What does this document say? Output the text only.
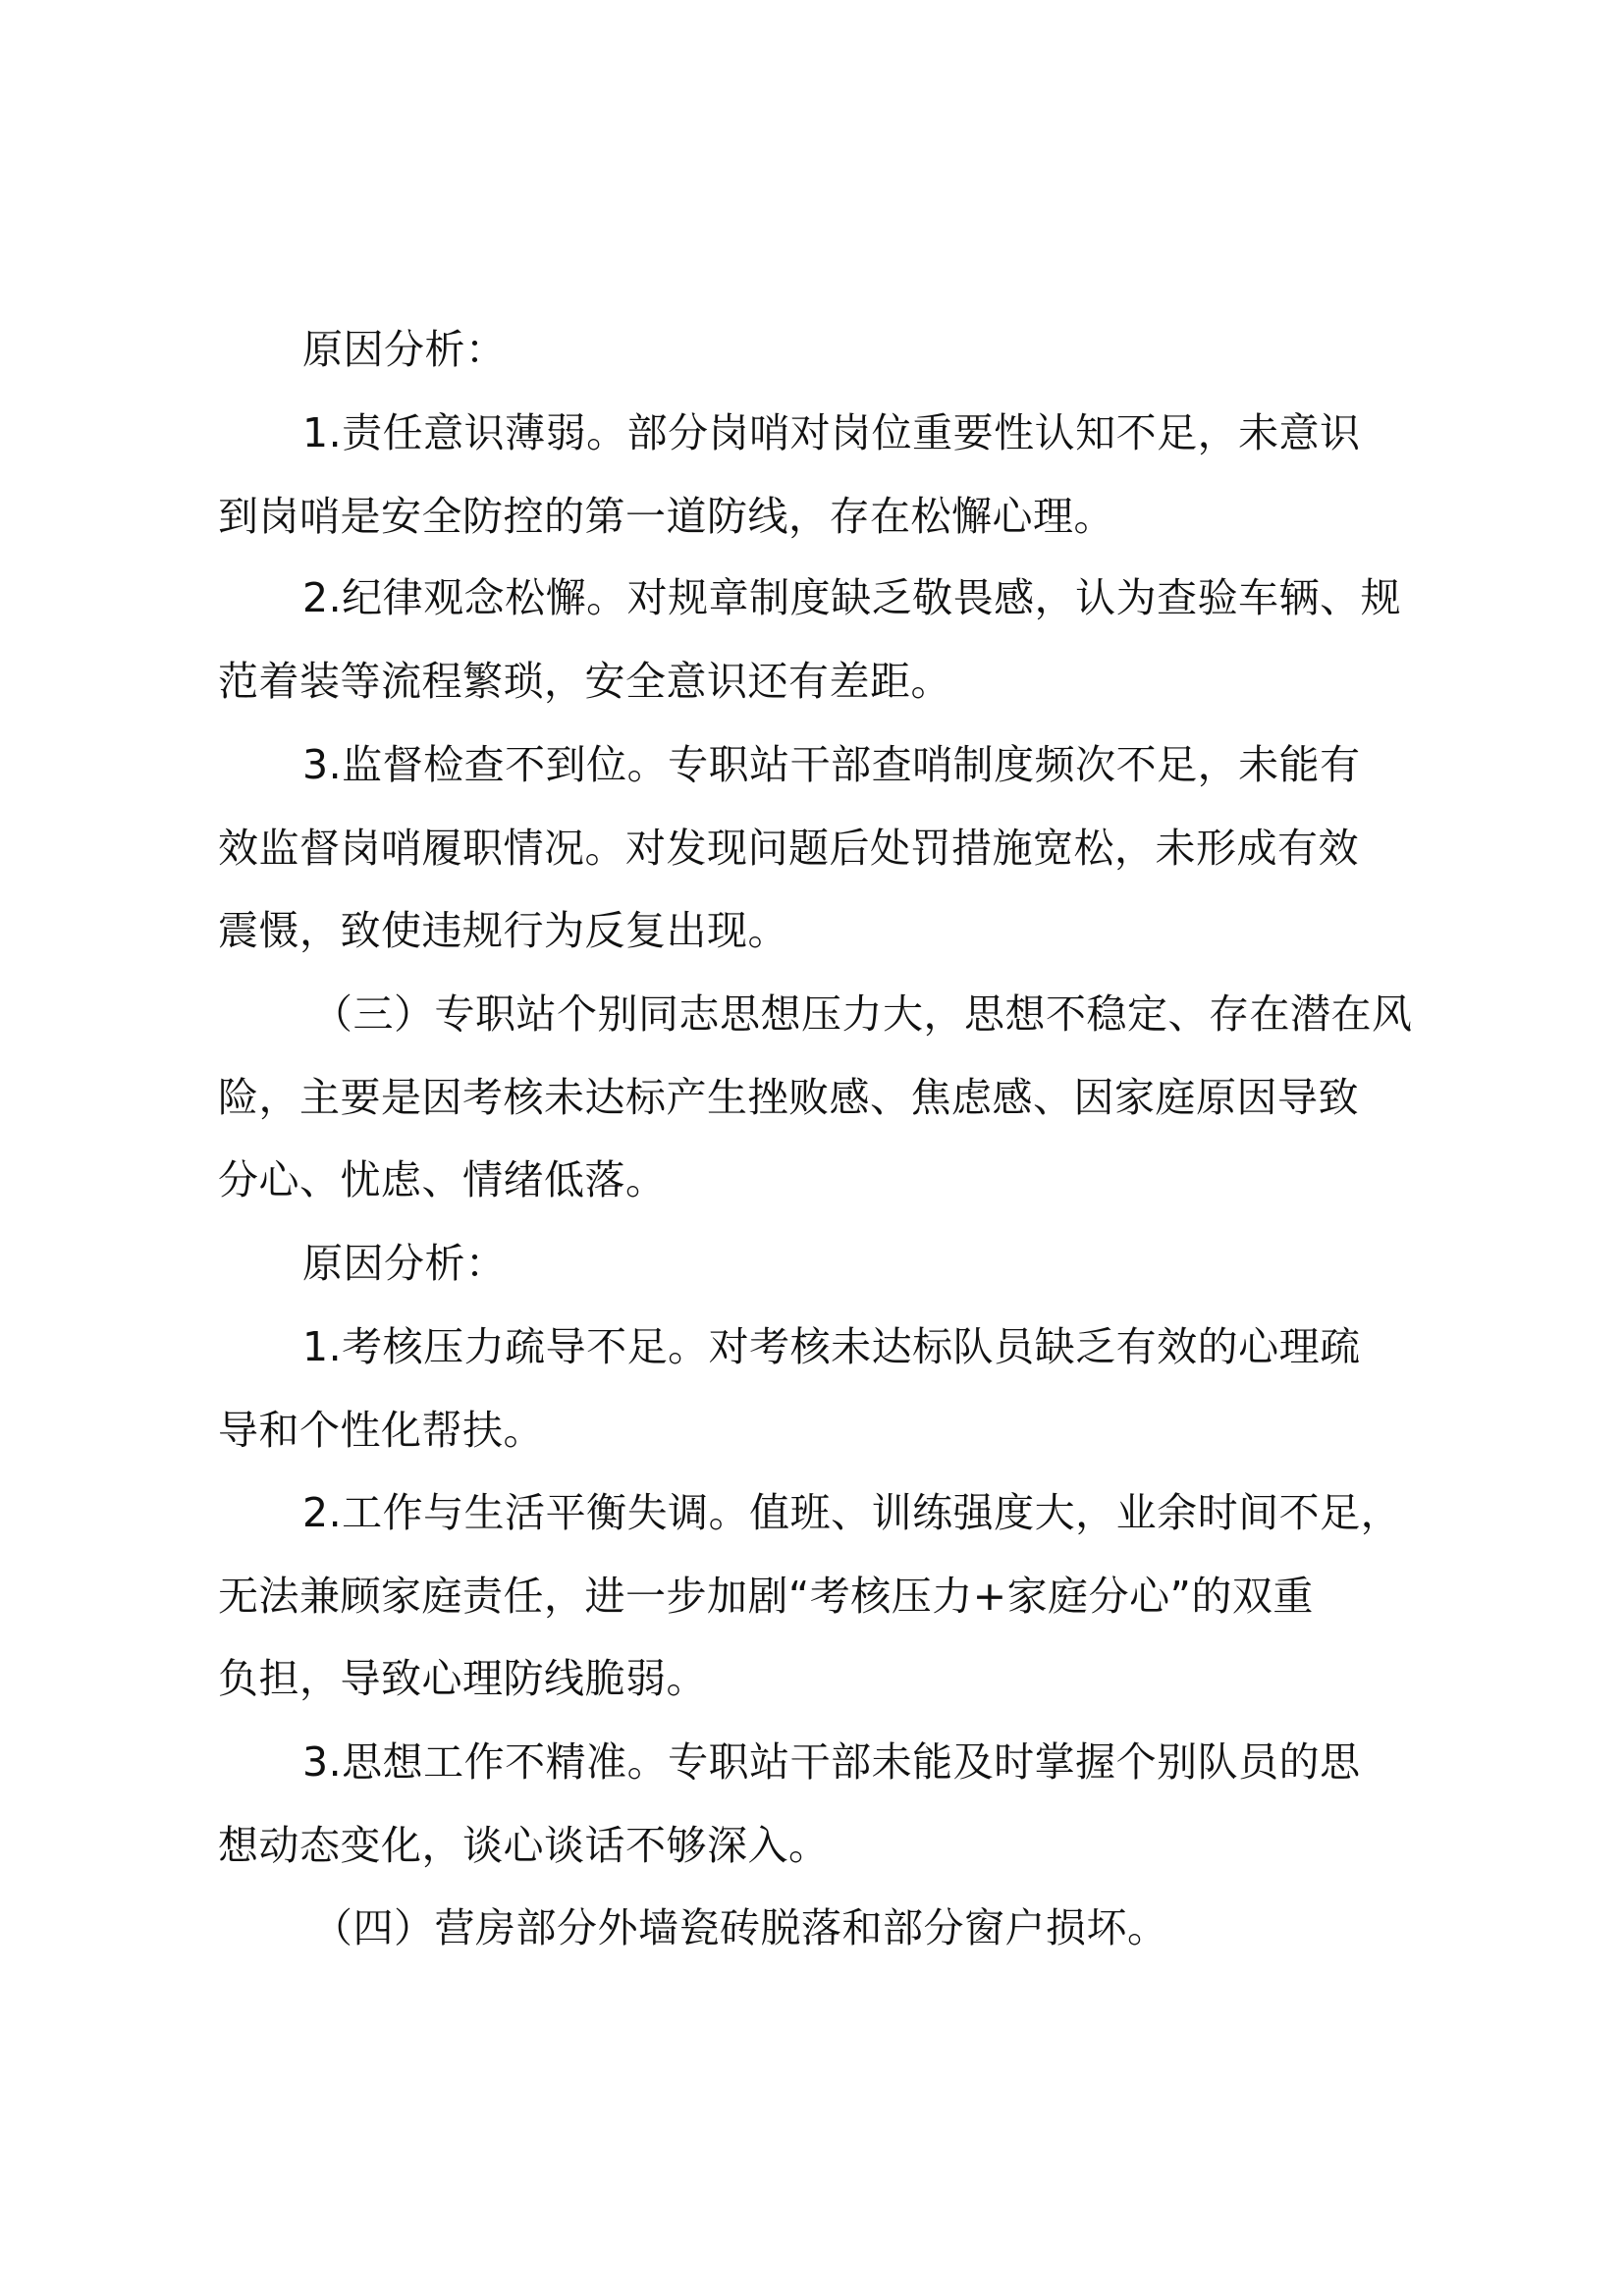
原因分析：
1.责任意识薄弱。部分岗哨对岗位重要性认知不足，未意识
到岗哨是安全防控的第一道防线，存在松懈心理。
2.纪律观念松懈。对规章制度缺乏敬畏感，认为查验车辆、规
范着装等流程繁琐，安全意识还有差距。
3.监督检查不到位。专职站干部查哨制度频次不足，未能有
效监督岗哨履职情况。对发现问题后处罚措施宽松，未形成有效
震慑，致使违规行为反复出现。
（三）专职站个别同志思想压力大，思想不稳定、存在潜在风
险，主要是因考核未达标产生挫败感、焦虑感、因家庭原因导致
分心、忧虑、情绪低落。
原因分析：
1.考核压力疏导不足。对考核未达标队员缺乏有效的心理疏
导和个性化帮扶。
2.工作与生活平衡失调。值班、训练强度大，业余时间不足，
无法兼顾家庭责任，进一步加剧“考核压力+家庭分心”的双重
负担，导致心理防线脆弱。
3.思想工作不精准。专职站干部未能及时掌握个别队员的思
想动态变化，谈心谈话不够深入。
（四）营房部分外墙瓷砖脱落和部分窗户损坏。
